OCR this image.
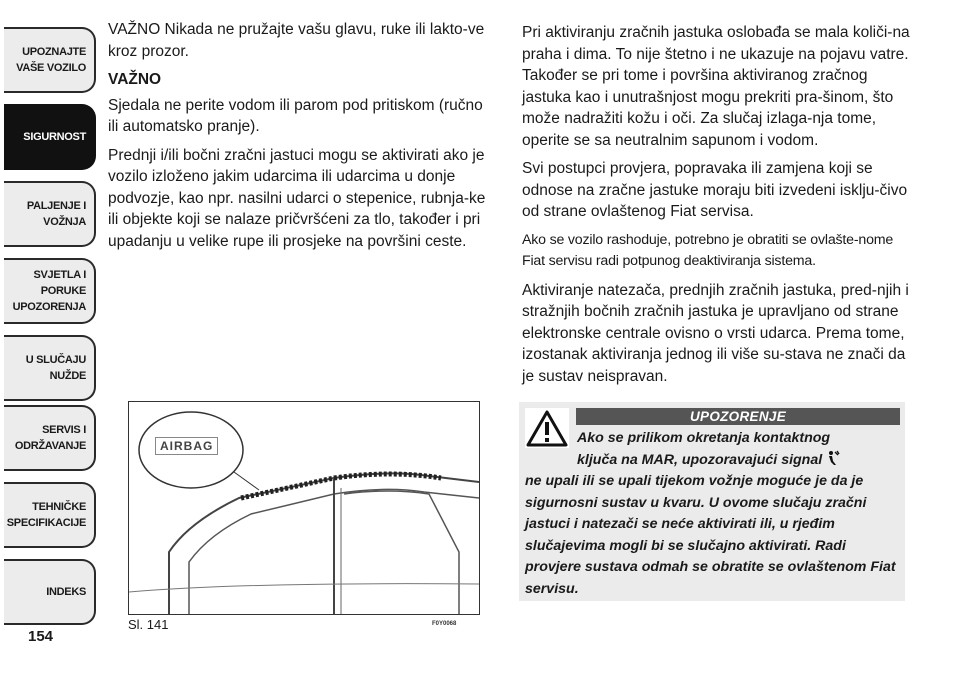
UPOZNAJTE
VAŠE VOZILO
SIGURNOST
PALJENJE I
VOŽNJA
SVJETLA I PORUKE
UPOZORENJA
U SLUČAJU
NUŽDE
SERVIS I
ODRŽAVANJE
TEHNIČKE
SPECIFIKACIJE
INDEKS
154

VAŽNO Nikada ne pružajte vašu glavu, ruke ili lakto-ve kroz prozor.

VAŽNO

Sjedala ne perite vodom ili parom pod pritiskom (ručno ili automatsko pranje).

Prednji i/ili bočni zračni jastuci mogu se aktivirati ako je vozilo izloženo jakim udarcima ili udarcima u donje podvozje, kao npr. nasilni udarci o stepenice, rubnja-ke ili objekte koji se nalaze pričvršćeni za tlo, također i pri upadanju u velike rupe ili prosjeke na površini ceste.

AIRBAG
Sl. 141	F0Y0068

Pri aktiviranju zračnih jastuka oslobađa se mala količi-na praha i dima. To nije štetno i ne ukazuje na pojavu vatre. Također se pri tome i površina aktiviranog zračnog jastuka kao i unutrašnjost mogu prekriti pra-šinom, što može nadražiti kožu i oči. Za slučaj izlaga-nja tome, operite se sa neutralnim sapunom i vodom.

Svi postupci provjera, popravaka ili zamjena koji se odnose na zračne jastuke moraju biti izvedeni isklju-čivo od strane ovlaštenog Fiat servisa.

Ako se vozilo rashoduje, potrebno je obratiti se ovlašte-nome Fiat servisu radi potpunog deaktiviranja sistema.

Aktiviranje natezača, prednjih zračnih jastuka, pred-njih i stražnjih bočnih zračnih jastuka je upravljano od strane elektronske centrale ovisno o vrsti udarca. Prema tome, izostanak aktiviranja jednog ili više su-stava ne znači da je sustav neispravan.

UPOZORENJE
Ako se prilikom okretanja kontaktnog
ključa na MAR, upozoravajući signal
ne upali ili se upali tijekom vožnje moguće je da je sigurnosni sustav u kvaru. U ovome slučaju zračni jastuci i natezači se neće aktivirati ili, u rjeđim slučajevima mogli bi se slučajno aktivirati. Radi provjere sustava odmah se obratite se ovlaštenom Fiat servisu.
